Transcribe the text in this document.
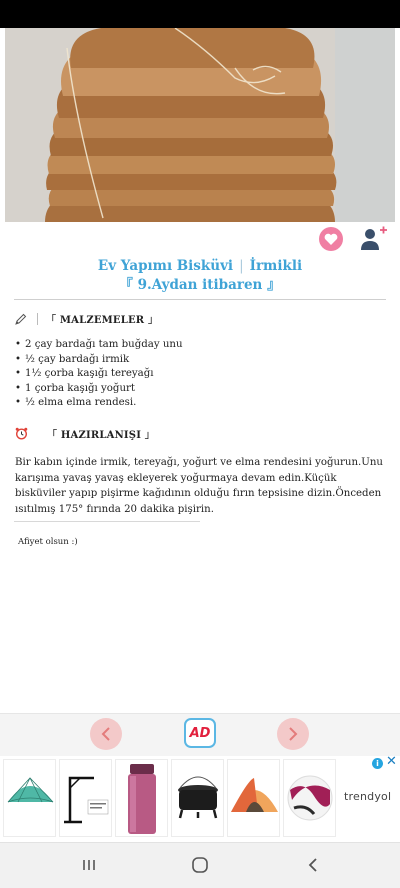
Ev Yapımı Bisküvi | İrmikli
『 9.Aydan itibaren 』
「 MALZEMELER 」
• 2 çay bardağı tam buğday unu
• ½ çay bardağı irmik
• 1½ çorba kaşığı tereyağı
• 1 çorba kaşığı yoğurt
• ½ elma elma rendesi.
「 HAZIRLANIŞI 」
Bir kabın içinde irmik, tereyağı, yoğurt ve elma rendesini yoğurun.Unu karışıma yavaş yavaş ekleyerek yoğurmaya devam edin.Küçük bisküviler yapıp pişirme kağıdının olduğu fırın tepsisine dizin.Önceden ısıtılmış 175° fırında 20 dakika pişirin.
Afiyet olsun :)
AD
trendyol
i ✕
